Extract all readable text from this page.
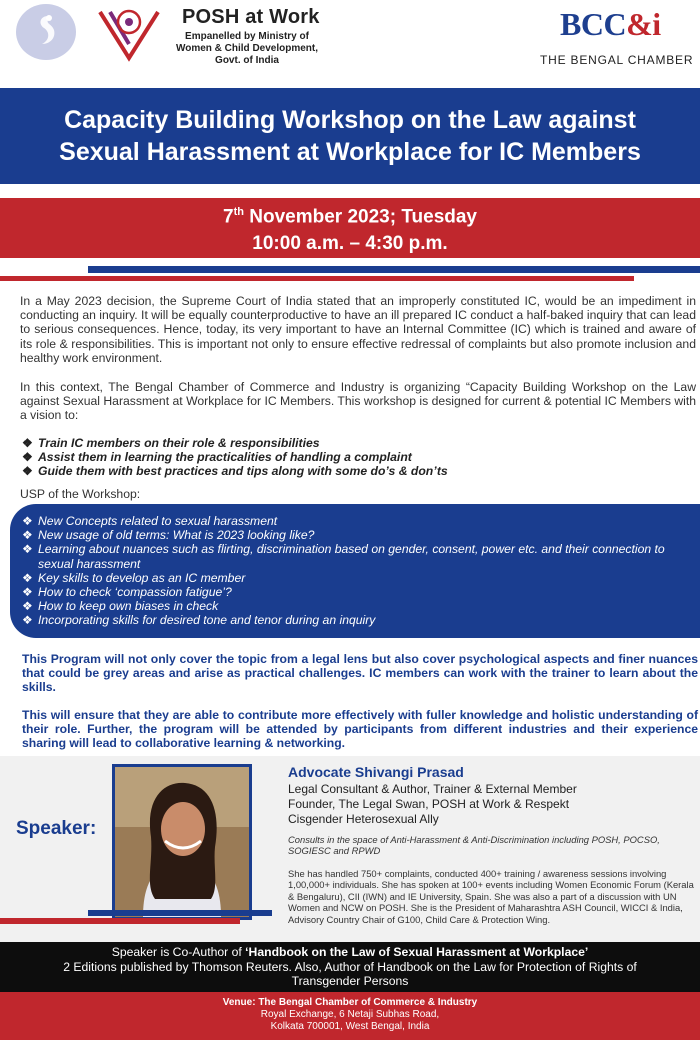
POSH at Work
Empanelled by Ministry of
Women & Child Development,
Govt. of India
BCC&i
THE BENGAL CHAMBER
Capacity Building Workshop on the Law against
Sexual Harassment at Workplace for IC Members
7th November 2023; Tuesday
10:00 a.m. – 4:30 p.m.

In a May 2023 decision, the Supreme Court of India stated that an improperly constituted IC, would be an impediment in conducting an inquiry. It will be equally counterproductive to have an ill prepared IC conduct a half-baked inquiry that can lead to serious consequences. Hence, today, its very important to have an Internal Committee (IC) which is trained and aware of its role & responsibilities. This is important not only to ensure effective redressal of complaints but also promote inclusion and healthy work environment.

In this context, The Bengal Chamber of Commerce and Industry is organizing “Capacity Building Workshop on the Law against Sexual Harassment at Workplace for IC Members. This workshop is designed for current & potential IC Members with a vision to:

❖ Train IC members on their role & responsibilities
❖ Assist them in learning the practicalities of handling a complaint
❖ Guide them with best practices and tips along with some do’s & don’ts
USP of the Workshop:
❖ New Concepts related to sexual harassment
❖ New usage of old terms: What is 2023 looking like?
❖ Learning about nuances such as flirting, discrimination based on gender, consent, power etc. and their connection to sexual harassment
❖ Key skills to develop as an IC member
❖ How to check ‘compassion fatigue’?
❖ How to keep own biases in check
❖ Incorporating skills for desired tone and tenor during an inquiry

This Program will not only cover the topic from a legal lens but also cover psychological aspects and finer nuances that could be grey areas and arise as practical challenges. IC members can work with the trainer to learn about the skills.

This will ensure that they are able to contribute more effectively with fuller knowledge and holistic understanding of their role. Further, the program will be attended by participants from different industries and their experience sharing will lead to collaborative learning & networking.

Speaker:
Advocate Shivangi Prasad
Legal Consultant & Author, Trainer & External Member
Founder, The Legal Swan, POSH at Work & Respekt
Cisgender Heterosexual Ally

Consults in the space of Anti-Harassment & Anti-Discrimination including POSH, POCSO, SOGIESC and RPWD

She has handled 750+ complaints, conducted 400+ training / awareness sessions involving 1,00,000+ individuals. She has spoken at 100+ events including Women Economic Forum (Kerala & Bengaluru), CII (IWN) and IE University, Spain. She was also a part of a discussion with UN Women and NCW on POSH. She is the President of Maharashtra ASH Council, WICCI & India, Advisory Country Chair of G100, Child Care & Protection Wing.

Speaker is Co-Author of ‘Handbook on the Law of Sexual Harassment at Workplace’
2 Editions published by Thomson Reuters. Also, Author of Handbook on the Law for Protection of Rights of
Transgender Persons
Venue: The Bengal Chamber of Commerce & Industry
Royal Exchange, 6 Netaji Subhas Road,
Kolkata 700001, West Bengal, India
